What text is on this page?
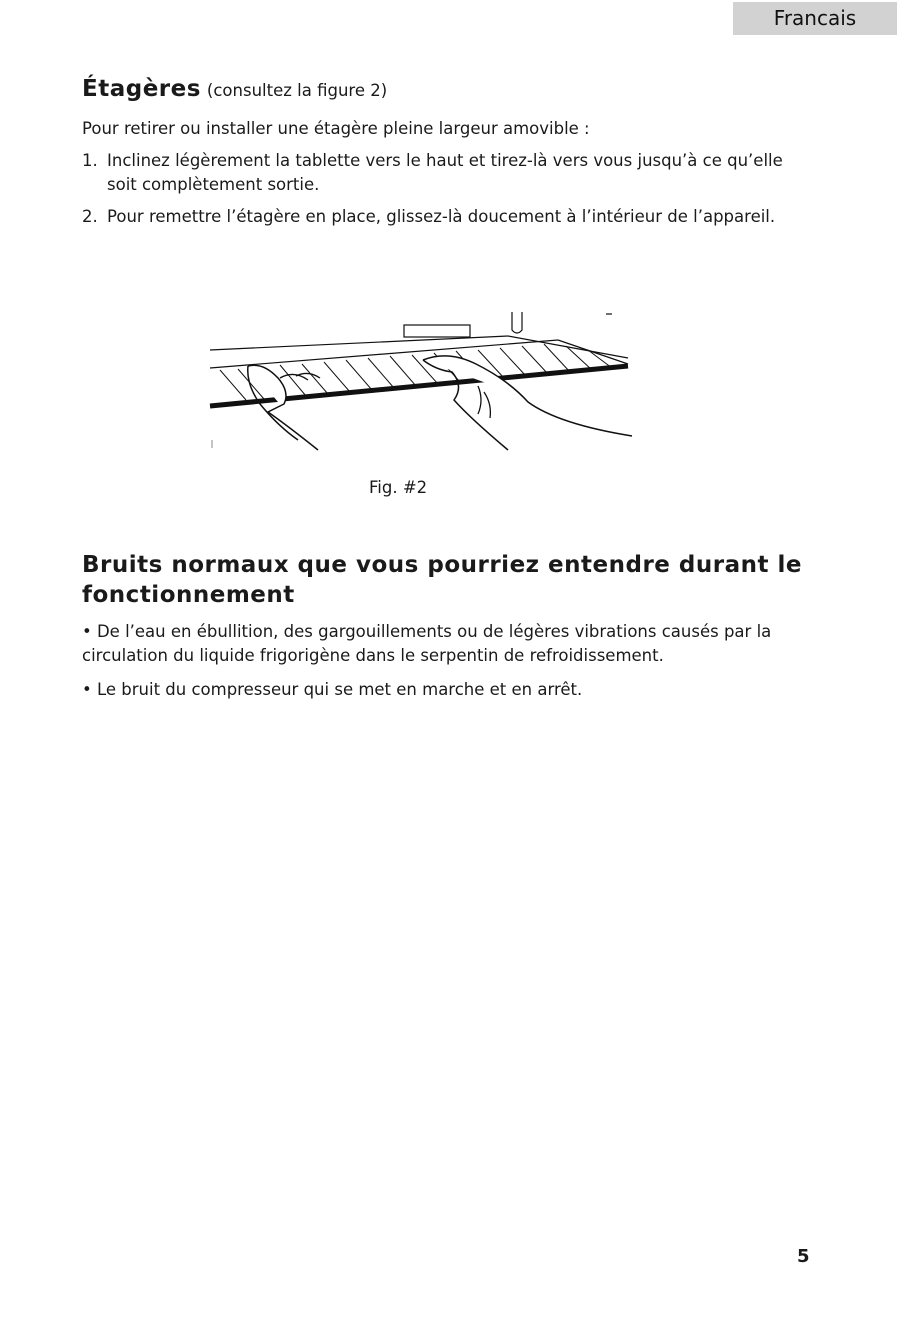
Francais
Étagères (consultez la figure 2)
Pour retirer ou installer une étagère pleine largeur amovible :
1. Inclinez légèrement la tablette vers le haut et tirez-là vers vous jusqu’à ce qu’elle soit complètement sortie.
2. Pour remettre l’étagère en place, glissez-là doucement à l’intérieur de l’appareil.
Fig. #2
Bruits normaux que vous pourriez entendre durant le fonctionnement
• De l’eau en ébullition, des gargouillements ou de légères vibrations causés par la circulation du liquide frigorigène dans le serpentin de refroidissement.
• Le bruit du compresseur qui se met en marche et en arrêt.
5
